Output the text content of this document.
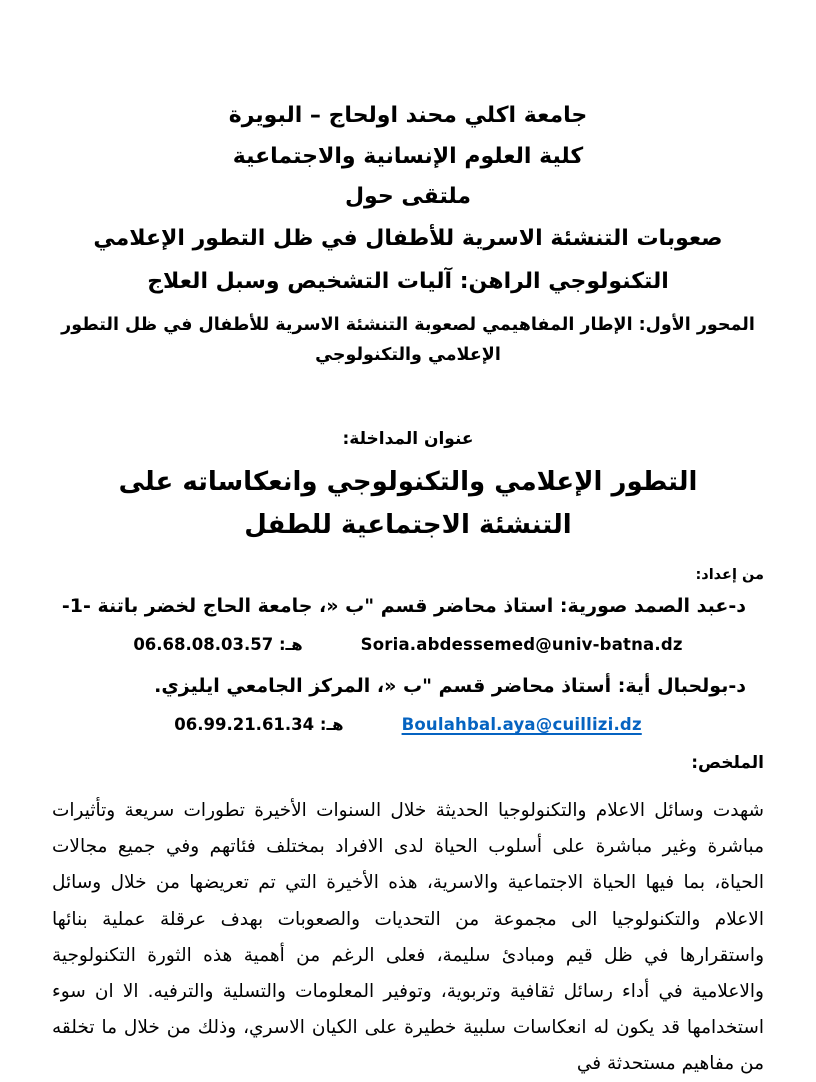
جامعة اكلي محند اولحاج – البويرة

كلية العلوم الإنسانية والاجتماعية

ملتقى حول

صعوبات التنشئة الاسرية للأطفال في ظل التطور الإعلامي التكنولوجي الراهن: آليات التشخيص وسبل العلاج

المحور الأول: الإطار المفاهيمي لصعوبة التنشئة الاسرية للأطفال في ظل التطور الإعلامي والتكنولوجي

عنوان المداخلة:

التطور الإعلامي والتكنولوجي وانعكاساته على التنشئة الاجتماعية للطفل

من إعداد:

د-عبد الصمد صورية: استاذ محاضر قسم "ب «، جامعة الحاج لخضر باتنة -1-

Soria.abdessemed@univ-batna.dz
هـ: 06.68.08.03.57

د-بولحبال أية: أستاذ محاضر قسم "ب «، المركز الجامعي ايليزي.

Boulahbal.aya@cuillizi.dz
هـ: 06.99.21.61.34

الملخص:

شهدت وسائل الاعلام والتكنولوجيا الحديثة خلال السنوات الأخيرة تطورات سريعة وتأثيرات مباشرة وغير مباشرة على أسلوب الحياة لدى الافراد بمختلف فئاتهم وفي جميع مجالات الحياة، بما فيها الحياة الاجتماعية والاسرية، هذه الأخيرة التي تم تعريضها من خلال وسائل الاعلام والتكنولوجيا الى مجموعة من التحديات والصعوبات بهدف عرقلة عملية بنائها واستقرارها في ظل قيم ومبادئ سليمة، فعلى الرغم من أهمية هذه الثورة التكنولوجية والاعلامية في أداء رسائل ثقافية وتربوية، وتوفير المعلومات والتسلية والترفيه. الا ان سوء استخدامها قد يكون له انعكاسات سلبية خطيرة على الكيان الاسري، وذلك من خلال ما تخلقه من مفاهيم مستحدثة في
